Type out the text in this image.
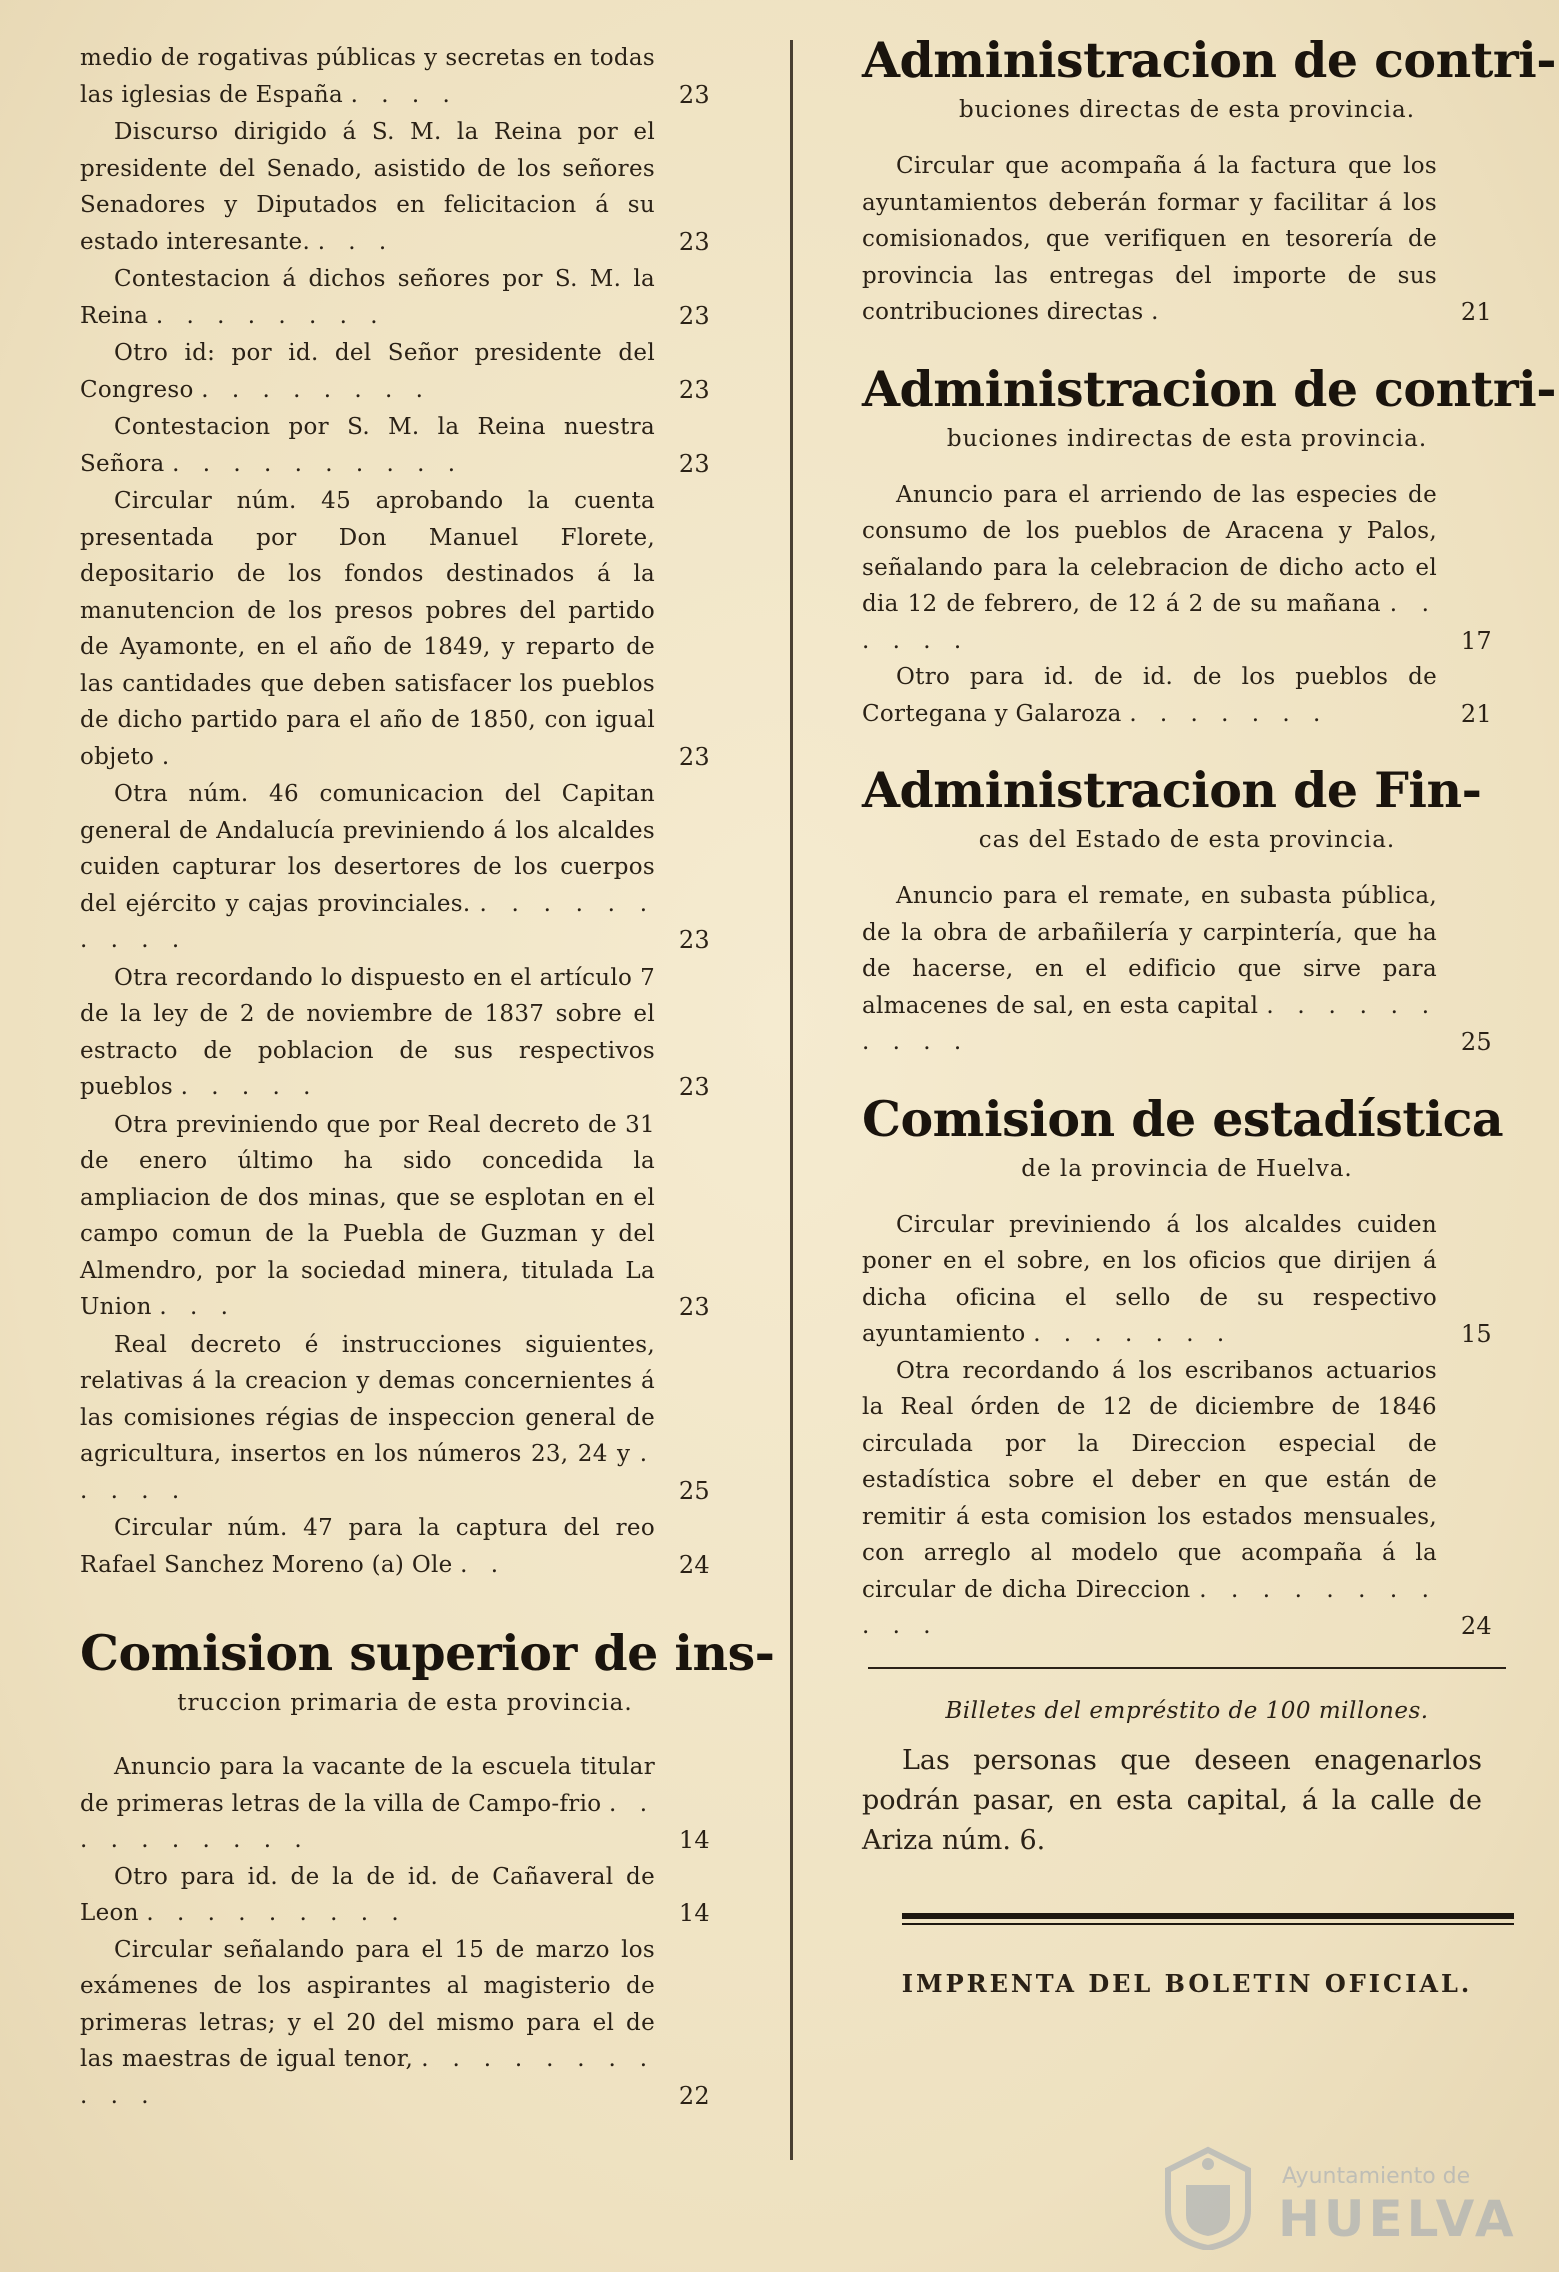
medio de rogativas públicas y secretas en todas las iglesias de España . . . .	23
Discurso dirigido á S. M. la Reina por el presidente del Senado, asistido de los señores Senadores y Diputados en felicitacion á su estado interesante. . . .	23
Contestacion á dichos señores por S. M. la Reina . . . . . . . .	23
Otro id: por id. del Señor presidente del Congreso . . . . . . . .	23
Contestacion por S. M. la Reina nuestra Señora . . . . . . . . . .	23
Circular núm. 45 aprobando la cuenta presentada por Don Manuel Florete, depositario de los fondos destinados á la manutencion de los presos pobres del partido de Ayamonte, en el año de 1849, y reparto de las cantidades que deben satisfacer los pueblos de dicho partido para el año de 1850, con igual objeto .	23
Otra núm. 46 comunicacion del Capitan general de Andalucía previniendo á los alcaldes cuiden capturar los desertores de los cuerpos del ejército y cajas provinciales. . . . . . . . . . .	23
Otra recordando lo dispuesto en el artículo 7 de la ley de 2 de noviembre de 1837 sobre el estracto de poblacion de sus respectivos pueblos . . . . .	23
Otra previniendo que por Real decreto de 31 de enero último ha sido concedida la ampliacion de dos minas, que se esplotan en el campo comun de la Puebla de Guzman y del Almendro, por la sociedad minera, titulada La Union . . .	23
Real decreto é instrucciones siguientes, relativas á la creacion y demas concernientes á las comisiones régias de inspeccion general de agricultura, insertos en los números 23, 24 y . . . . .	25
Circular núm. 47 para la captura del reo Rafael Sanchez Moreno (a) Ole . .	24
Comision superior de ins-
truccion primaria de esta provincia.
Anuncio para la vacante de la escuela titular de primeras letras de la villa de Campo-frio . . . . . . . . . .	14
Otro para id. de la de id. de Cañaveral de Leon . . . . . . . . .	14
Circular señalando para el 15 de marzo los exámenes de los aspirantes al magisterio de primeras letras; y el 20 del mismo para el de las maestras de igual tenor, . . . . . . . . . . .	22
Administracion de contri-
buciones directas de esta provincia.
Circular que acompaña á la factura que los ayuntamientos deberán formar y facilitar á los comisionados, que verifiquen en tesorería de provincia las entregas del importe de sus contribuciones directas .	21
Administracion de contri-
buciones indirectas de esta provincia.
Anuncio para el arriendo de las especies de consumo de los pueblos de Aracena y Palos, señalando para la celebracion de dicho acto el dia 12 de febrero, de 12 á 2 de su mañana . . . . . .	17
Otro para id. de id. de los pueblos de Cortegana y Galaroza . . . . . . .	21
Administracion de Fin-
cas del Estado de esta provincia.
Anuncio para el remate, en subasta pública, de la obra de arbañilería y carpintería, que ha de hacerse, en el edificio que sirve para almacenes de sal, en esta capital . . . . . . . . . .	25
Comision de estadística
de la provincia de Huelva.
Circular previniendo á los alcaldes cuiden poner en el sobre, en los oficios que dirijen á dicha oficina el sello de su respectivo ayuntamiento . . . . . . .	15
Otra recordando á los escribanos actuarios la Real órden de 12 de diciembre de 1846 circulada por la Direccion especial de estadística sobre el deber en que están de remitir á esta comision los estados mensuales, con arreglo al modelo que acompaña á la circular de dicha Direccion . . . . . . . . . . .	24
Billetes del empréstito de 100 millones.
Las personas que deseen enagenarlos podrán pasar, en esta capital, á la calle de Ariza núm. 6.
IMPRENTA DEL BOLETIN OFICIAL.
Ayuntamiento de
HUELVA
